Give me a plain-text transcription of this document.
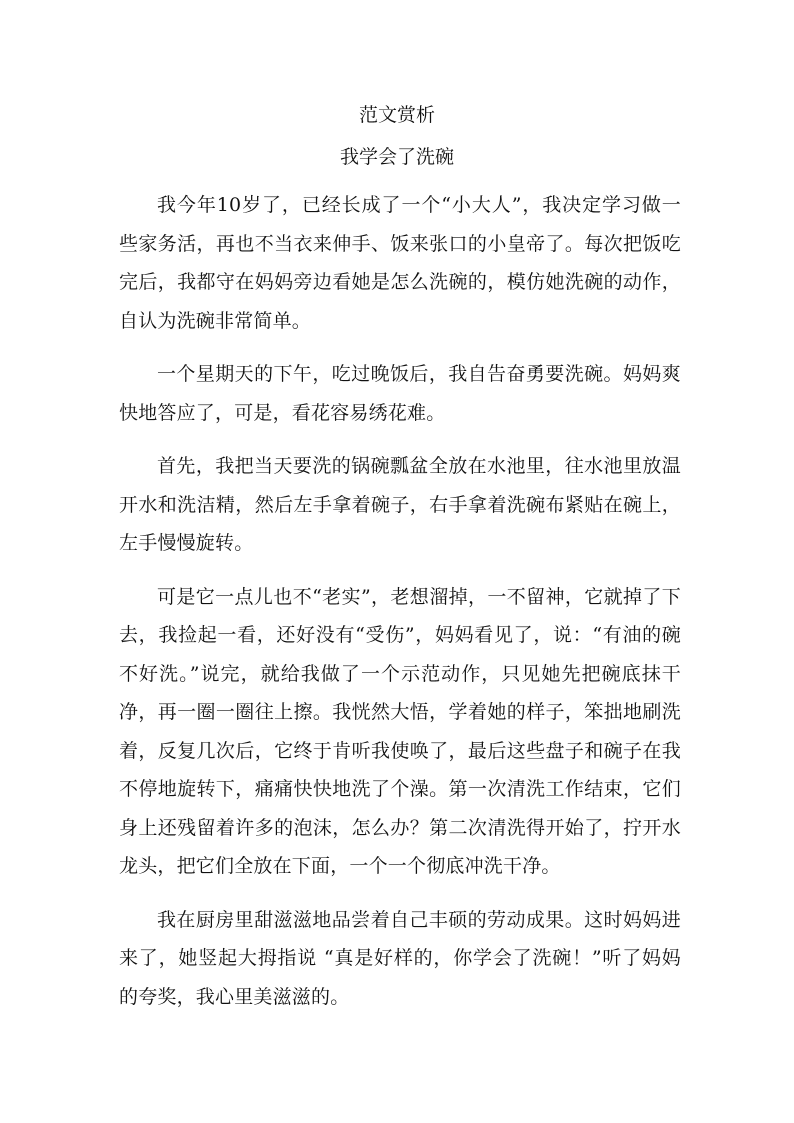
范文赏析
我学会了洗碗

我今年10岁了，已经长成了一个“小大人”，我决定学习做一些家务活，再也不当衣来伸手、饭来张口的小皇帝了。每次把饭吃完后，我都守在妈妈旁边看她是怎么洗碗的，模仿她洗碗的动作，自认为洗碗非常简单。

一个星期天的下午，吃过晚饭后，我自告奋勇要洗碗。妈妈爽快地答应了，可是，看花容易绣花难。

首先，我把当天要洗的锅碗瓢盆全放在水池里，往水池里放温开水和洗洁精，然后左手拿着碗子，右手拿着洗碗布紧贴在碗上，左手慢慢旋转。

可是它一点儿也不“老实”，老想溜掉，一不留神，它就掉了下去，我捡起一看，还好没有“受伤”，妈妈看见了，说：“有油的碗不好洗。”说完，就给我做了一个示范动作，只见她先把碗底抹干净，再一圈一圈往上擦。我恍然大悟，学着她的样子，笨拙地刷洗着，反复几次后，它终于肯听我使唤了，最后这些盘子和碗子在我不停地旋转下，痛痛快快地洗了个澡。第一次清洗工作结束，它们身上还残留着许多的泡沫，怎么办？第二次清洗得开始了，拧开水龙头，把它们全放在下面，一个一个彻底冲洗干净。

我在厨房里甜滋滋地品尝着自己丰硕的劳动成果。这时妈妈进来了，她竖起大拇指说 “真是好样的，你学会了洗碗！”听了妈妈的夸奖，我心里美滋滋的。
